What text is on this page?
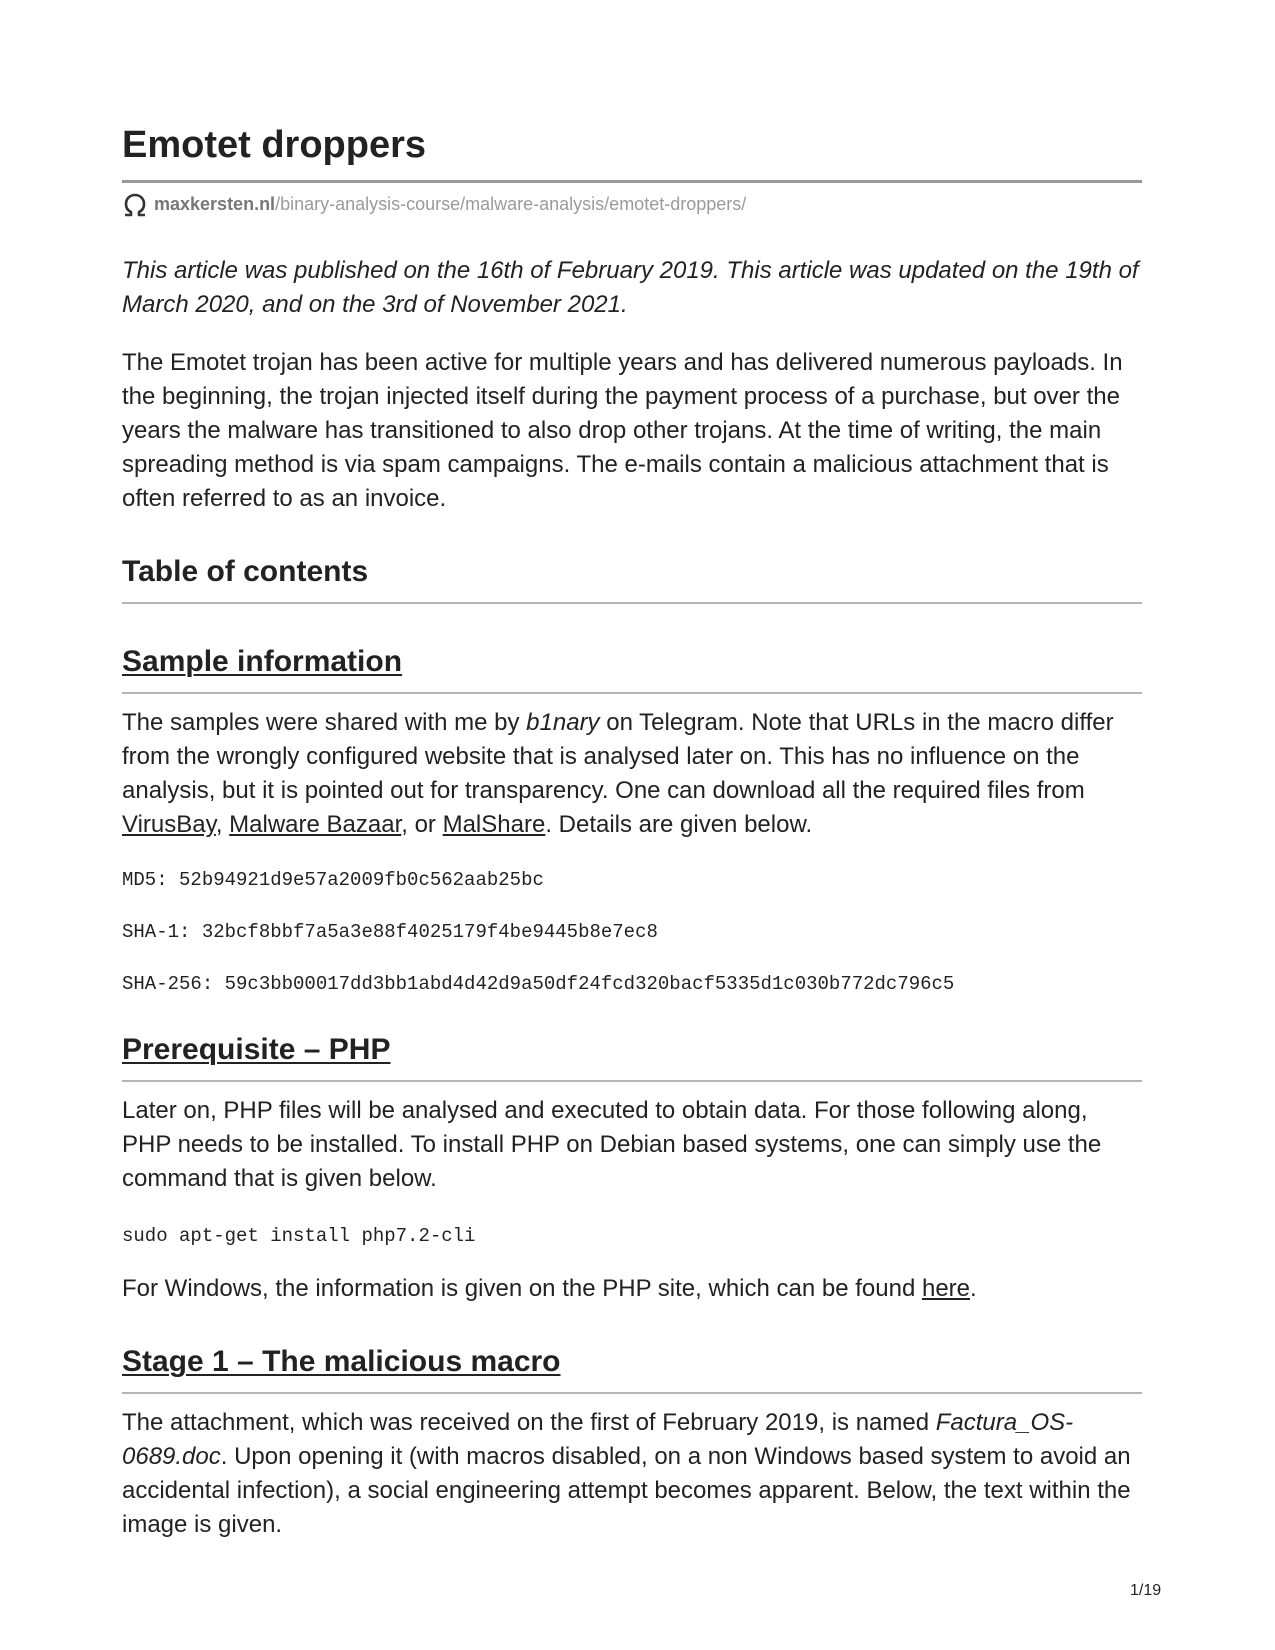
Emotet droppers
maxkersten.nl /binary-analysis-course/malware-analysis/emotet-droppers/

This article was published on the 16th of February 2019. This article was updated on the 19th of March 2020, and on the 3rd of November 2021.

The Emotet trojan has been active for multiple years and has delivered numerous payloads. In the beginning, the trojan injected itself during the payment process of a purchase, but over the years the malware has transitioned to also drop other trojans. At the time of writing, the main spreading method is via spam campaigns. The e-mails contain a malicious attachment that is often referred to as an invoice.

Table of contents
Sample information

The samples were shared with me by b1nary on Telegram. Note that URLs in the macro differ from the wrongly configured website that is analysed later on. This has no influence on the analysis, but it is pointed out for transparency. One can download all the required files from VirusBay, Malware Bazaar, or MalShare. Details are given below.

MD5: 52b94921d9e57a2009fb0c562aab25bc
SHA-1: 32bcf8bbf7a5a3e88f4025179f4be9445b8e7ec8
SHA-256: 59c3bb00017dd3bb1abd4d42d9a50df24fcd320bacf5335d1c030b772dc796c5
Prerequisite – PHP

Later on, PHP files will be analysed and executed to obtain data. For those following along, PHP needs to be installed. To install PHP on Debian based systems, one can simply use the command that is given below.

sudo apt-get install php7.2-cli

For Windows, the information is given on the PHP site, which can be found here.

Stage 1 – The malicious macro

The attachment, which was received on the first of February 2019, is named Factura_OS-0689.doc. Upon opening it (with macros disabled, on a non Windows based system to avoid an accidental infection), a social engineering attempt becomes apparent. Below, the text within the image is given.

1/19
